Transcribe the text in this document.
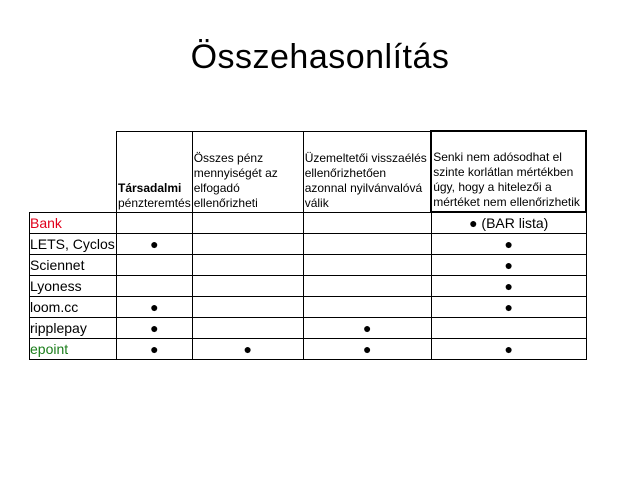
Összehasonlítás

	Társadalmi
pénzteremtés	Összes pénz mennyiségét az elfogadó ellenőrizheti	Üzemeltetői visszaélés ellenőrizhetően azonnal nyilvánvalóvá válik	Senki nem adósodhat el szinte korlátlan mértékben úgy, hogy a hitelezői a mértéket nem ellenőrizhetik
Bank				● (BAR lista)
LETS, Cyclos	●			●
Sciennet				●
Lyoness				●
loom.cc	●			●
ripplepay	●		●	
epoint	●	●	●	●
